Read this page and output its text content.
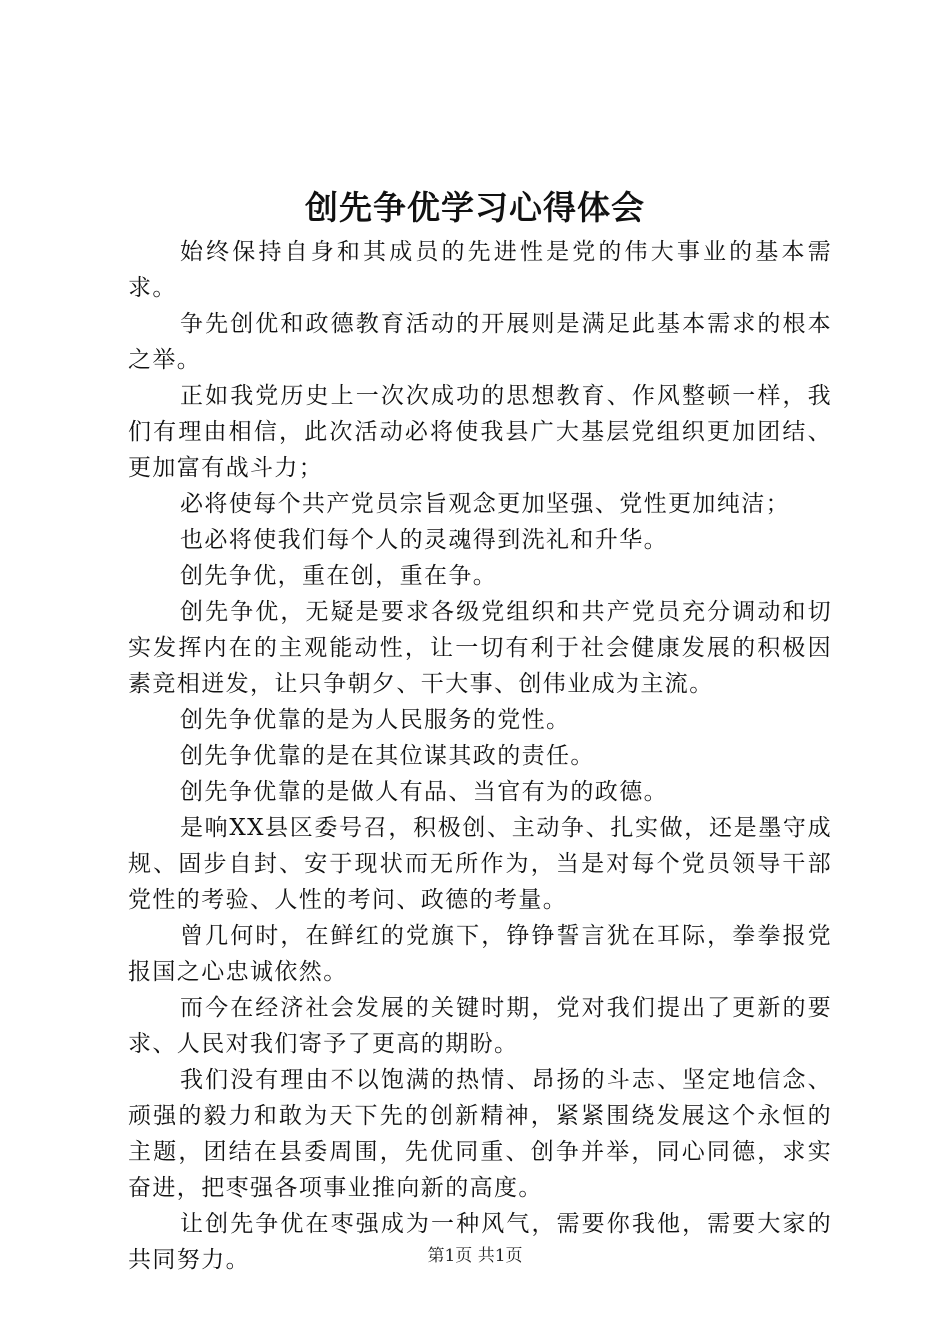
创先争优学习心得体会

始终保持自身和其成员的先进性是党的伟大事业的基本需求。

争先创优和政德教育活动的开展则是满足此基本需求的根本之举。

正如我党历史上一次次成功的思想教育、作风整顿一样，我们有理由相信，此次活动必将使我县广大基层党组织更加团结、更加富有战斗力；

必将使每个共产党员宗旨观念更加坚强、党性更加纯洁；

也必将使我们每个人的灵魂得到洗礼和升华。

创先争优，重在创，重在争。

创先争优，无疑是要求各级党组织和共产党员充分调动和切实发挥内在的主观能动性，让一切有利于社会健康发展的积极因素竞相迸发，让只争朝夕、干大事、创伟业成为主流。

创先争优靠的是为人民服务的党性。

创先争优靠的是在其位谋其政的责任。

创先争优靠的是做人有品、当官有为的政德。

是响XX县区委号召，积极创、主动争、扎实做，还是墨守成规、固步自封、安于现状而无所作为，当是对每个党员领导干部党性的考验、人性的考问、政德的考量。

曾几何时，在鲜红的党旗下，铮铮誓言犹在耳际，拳拳报党报国之心忠诚依然。

而今在经济社会发展的关键时期，党对我们提出了更新的要求、人民对我们寄予了更高的期盼。

我们没有理由不以饱满的热情、昂扬的斗志、坚定地信念、顽强的毅力和敢为天下先的创新精神，紧紧围绕发展这个永恒的主题，团结在县委周围，先优同重、创争并举，同心同德，求实奋进，把枣强各项事业推向新的高度。

让创先争优在枣强成为一种风气，需要你我他，需要大家的共同努力。	第1页 共1页
